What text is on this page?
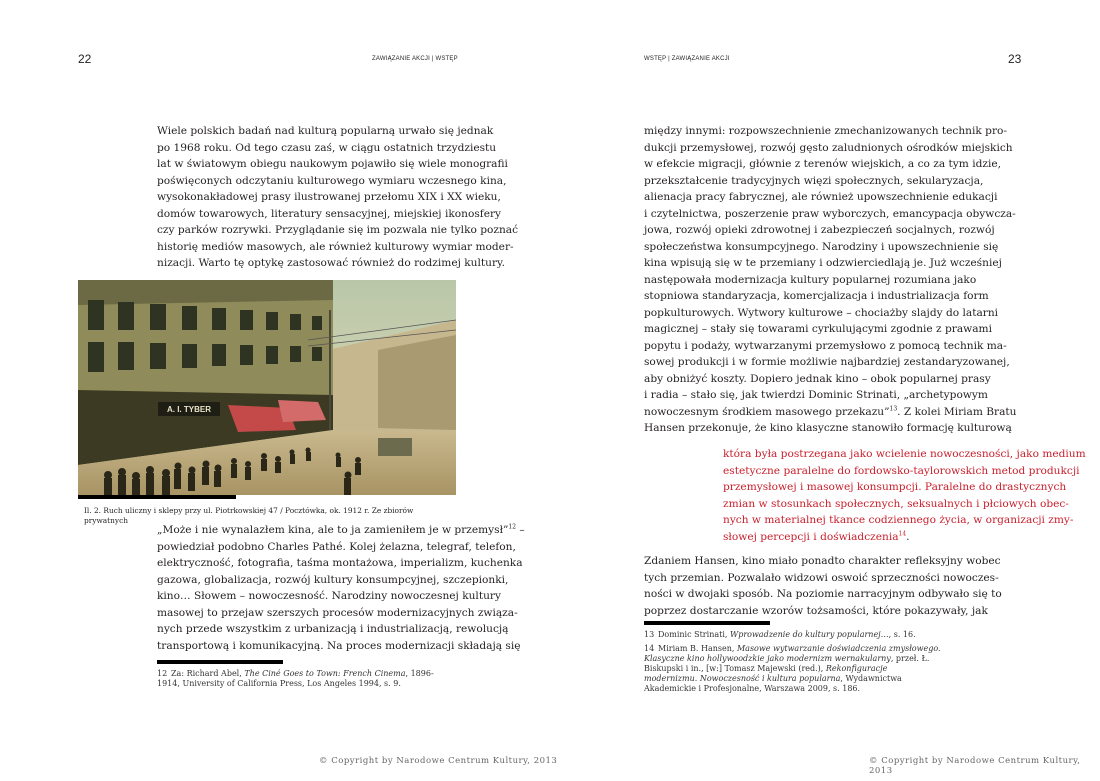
22	ZAWIĄZANIE AKCJI | WSTĘP
Wiele polskich badań nad kulturą popularną urwało się jednak
po 1968 roku. Od tego czasu zaś, w ciągu ostatnich trzydziestu
lat w światowym obiegu naukowym pojawiło się wiele monografii
poświęconych odczytaniu kulturowego wymiaru wczesnego kina,
wysokonakładowej prasy ilustrowanej przełomu XIX i XX wieku,
domów towarowych, literatury sensacyjnej, miejskiej ikonosfery
czy parków rozrywki. Przyglądanie się im pozwala nie tylko poznać
historię mediów masowych, ale również kulturowy wymiar moder-
nizacji. Warto tę optykę zastosować również do rodzimej kultury.
A. I. TYBER
Il. 2. Ruch uliczny i sklepy przy ul. Piotrkowskiej 47 / Pocztówka, ok. 1912 r. Ze zbiorów prywatnych
„Może i nie wynalazłem kina, ale to ja zamieniłem je w przemysł”$^{12}$ –
powiedział podobno Charles Pathé. Kolej żelazna, telegraf, telefon,
elektryczność, fotografia, taśma montażowa, imperializm, kuchenka
gazowa, globalizacja, rozwój kultury konsumpcyjnej, szczepionki,
kino… Słowem – nowoczesność. Narodziny nowoczesnej kultury
masowej to przejaw szerszych procesów modernizacyjnych związa-
nych przede wszystkim z urbanizacją i industrializacją, rewolucją
transportową i komunikacyjną. Na proces modernizacji składają się
12 Za: Richard Abel, The Ciné Goes to Town: French Cinema, 1896-1914, University of California Press, Los Angeles 1994, s. 9.
© Copyright by Narodowe Centrum Kultury, 2013
WSTĘP | ZAWIĄZANIE AKCJI	23
między innymi: rozpowszechnienie zmechanizowanych technik pro-
dukcji przemysłowej, rozwój gęsto zaludnionych ośrodków miejskich
w efekcie migracji, głównie z terenów wiejskich, a co za tym idzie,
przekształcenie tradycyjnych więzi społecznych, sekularyzacja,
alienacja pracy fabrycznej, ale również upowszechnienie edukacji
i czytelnictwa, poszerzenie praw wyborczych, emancypacja obywcza-
jowa, rozwój opieki zdrowotnej i zabezpieczeń socjalnych, rozwój
społeczeństwa konsumpcyjnego. Narodziny i upowszechnienie się
kina wpisują się w te przemiany i odzwierciedlają je. Już wcześniej
następowała modernizacja kultury popularnej rozumiana jako
stopniowa standaryzacja, komercjalizacja i industrializacja form
popkulturowych. Wytwory kulturowe – chociażby slajdy do latarni
magicznej – stały się towarami cyrkulującymi zgodnie z prawami
popytu i podaży, wytwarzanymi przemysłowo z pomocą technik ma-
sowej produkcji i w formie możliwie najbardziej zestandaryzowanej,
aby obniżyć koszty. Dopiero jednak kino – obok popularnej prasy
i radia – stało się, jak twierdzi Dominic Strinati, „archetypowym
nowoczesnym środkiem masowego przekazu”$^{13}$. Z kolei Miriam Bratu
Hansen przekonuje, że kino klasyczne stanowiło formację kulturową
która była postrzegana jako wcielenie nowoczesności, jako medium
estetyczne paralelne do fordowsko-taylorowskich metod produkcji
przemysłowej i masowej konsumpcji. Paralelne do drastycznych
zmian w stosunkach społecznych, seksualnych i płciowych obec-
nych w materialnej tkance codziennego życia, w organizacji zmy-
słowej percepcji i doświadczenia$^{14}$.
Zdaniem Hansen, kino miało ponadto charakter refleksyjny wobec
tych przemian. Pozwalało widzowi oswoić sprzeczności nowoczes-
ności w dwojaki sposób. Na poziomie narracyjnym odbywało się to
poprzez dostarczanie wzorów tożsamości, które pokazywały, jak
13 Dominic Strinati, Wprowadzenie do kultury popularnej…, s. 16.
14 Miriam B. Hansen, Masowe wytwarzanie doświadczenia zmysłowego. Klasyczne kino hollywoodzkie jako modernizm wernakularny, przeł. Ł. Biskupski i in., [w:] Tomasz Majewski (red.), Rekonfiguracje modernizmu. Nowoczesność i kultura popularna, Wydawnictwa Akademickie i Profesjonalne, Warszawa 2009, s. 186.
© Copyright by Narodowe Centrum Kultury, 2013
